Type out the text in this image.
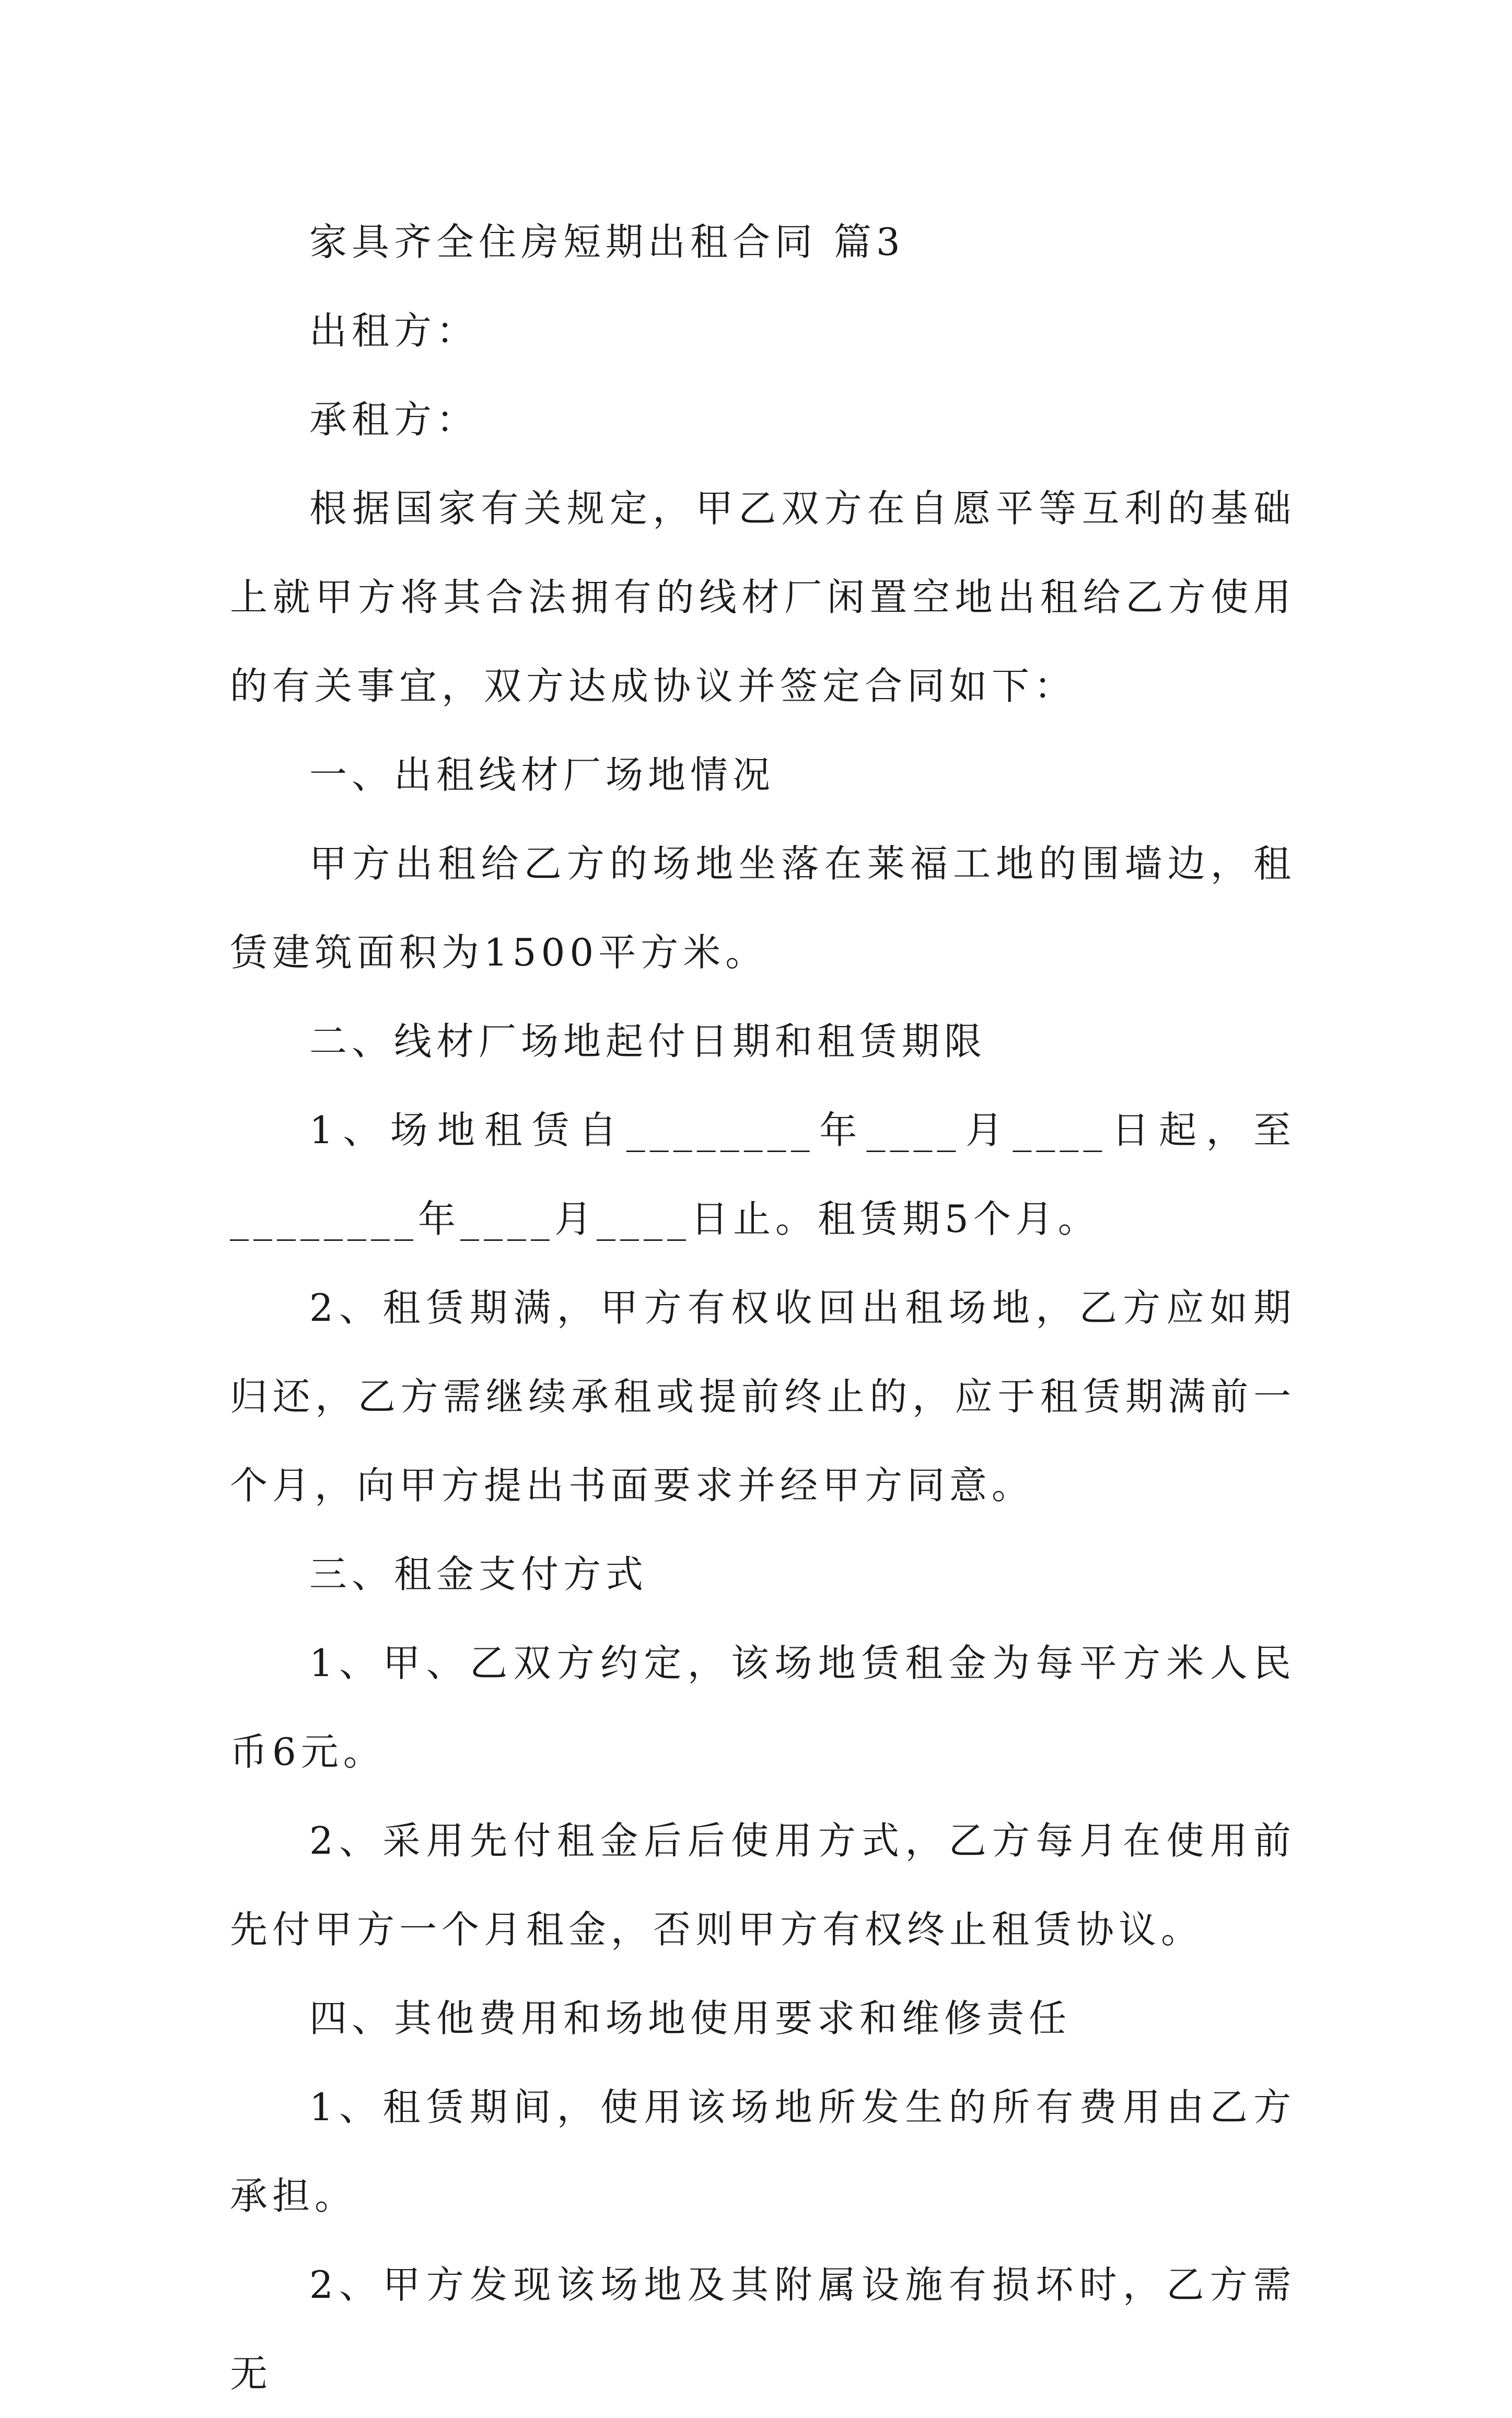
家具齐全住房短期出租合同 篇3

出租方：

承租方：

根据国家有关规定，甲乙双方在自愿平等互利的基础上就甲方将其合法拥有的线材厂闲置空地出租给乙方使用的有关事宜，双方达成协议并签定合同如下：

一、出租线材厂场地情况

甲方出租给乙方的场地坐落在莱福工地的围墙边，租赁建筑面积为1500平方米。

二、线材厂场地起付日期和租赁期限

1、场地租赁自________年____月____日起，至________年____月____日止。租赁期5个月。

2、租赁期满，甲方有权收回出租场地，乙方应如期归还，乙方需继续承租或提前终止的，应于租赁期满前一个月，向甲方提出书面要求并经甲方同意。

三、租金支付方式

1、甲、乙双方约定，该场地赁租金为每平方米人民币6元。

2、采用先付租金后后使用方式，乙方每月在使用前先付甲方一个月租金，否则甲方有权终止租赁协议。

四、其他费用和场地使用要求和维修责任

1、租赁期间，使用该场地所发生的所有费用由乙方承担。

2、甲方发现该场地及其附属设施有损坏时，乙方需无
